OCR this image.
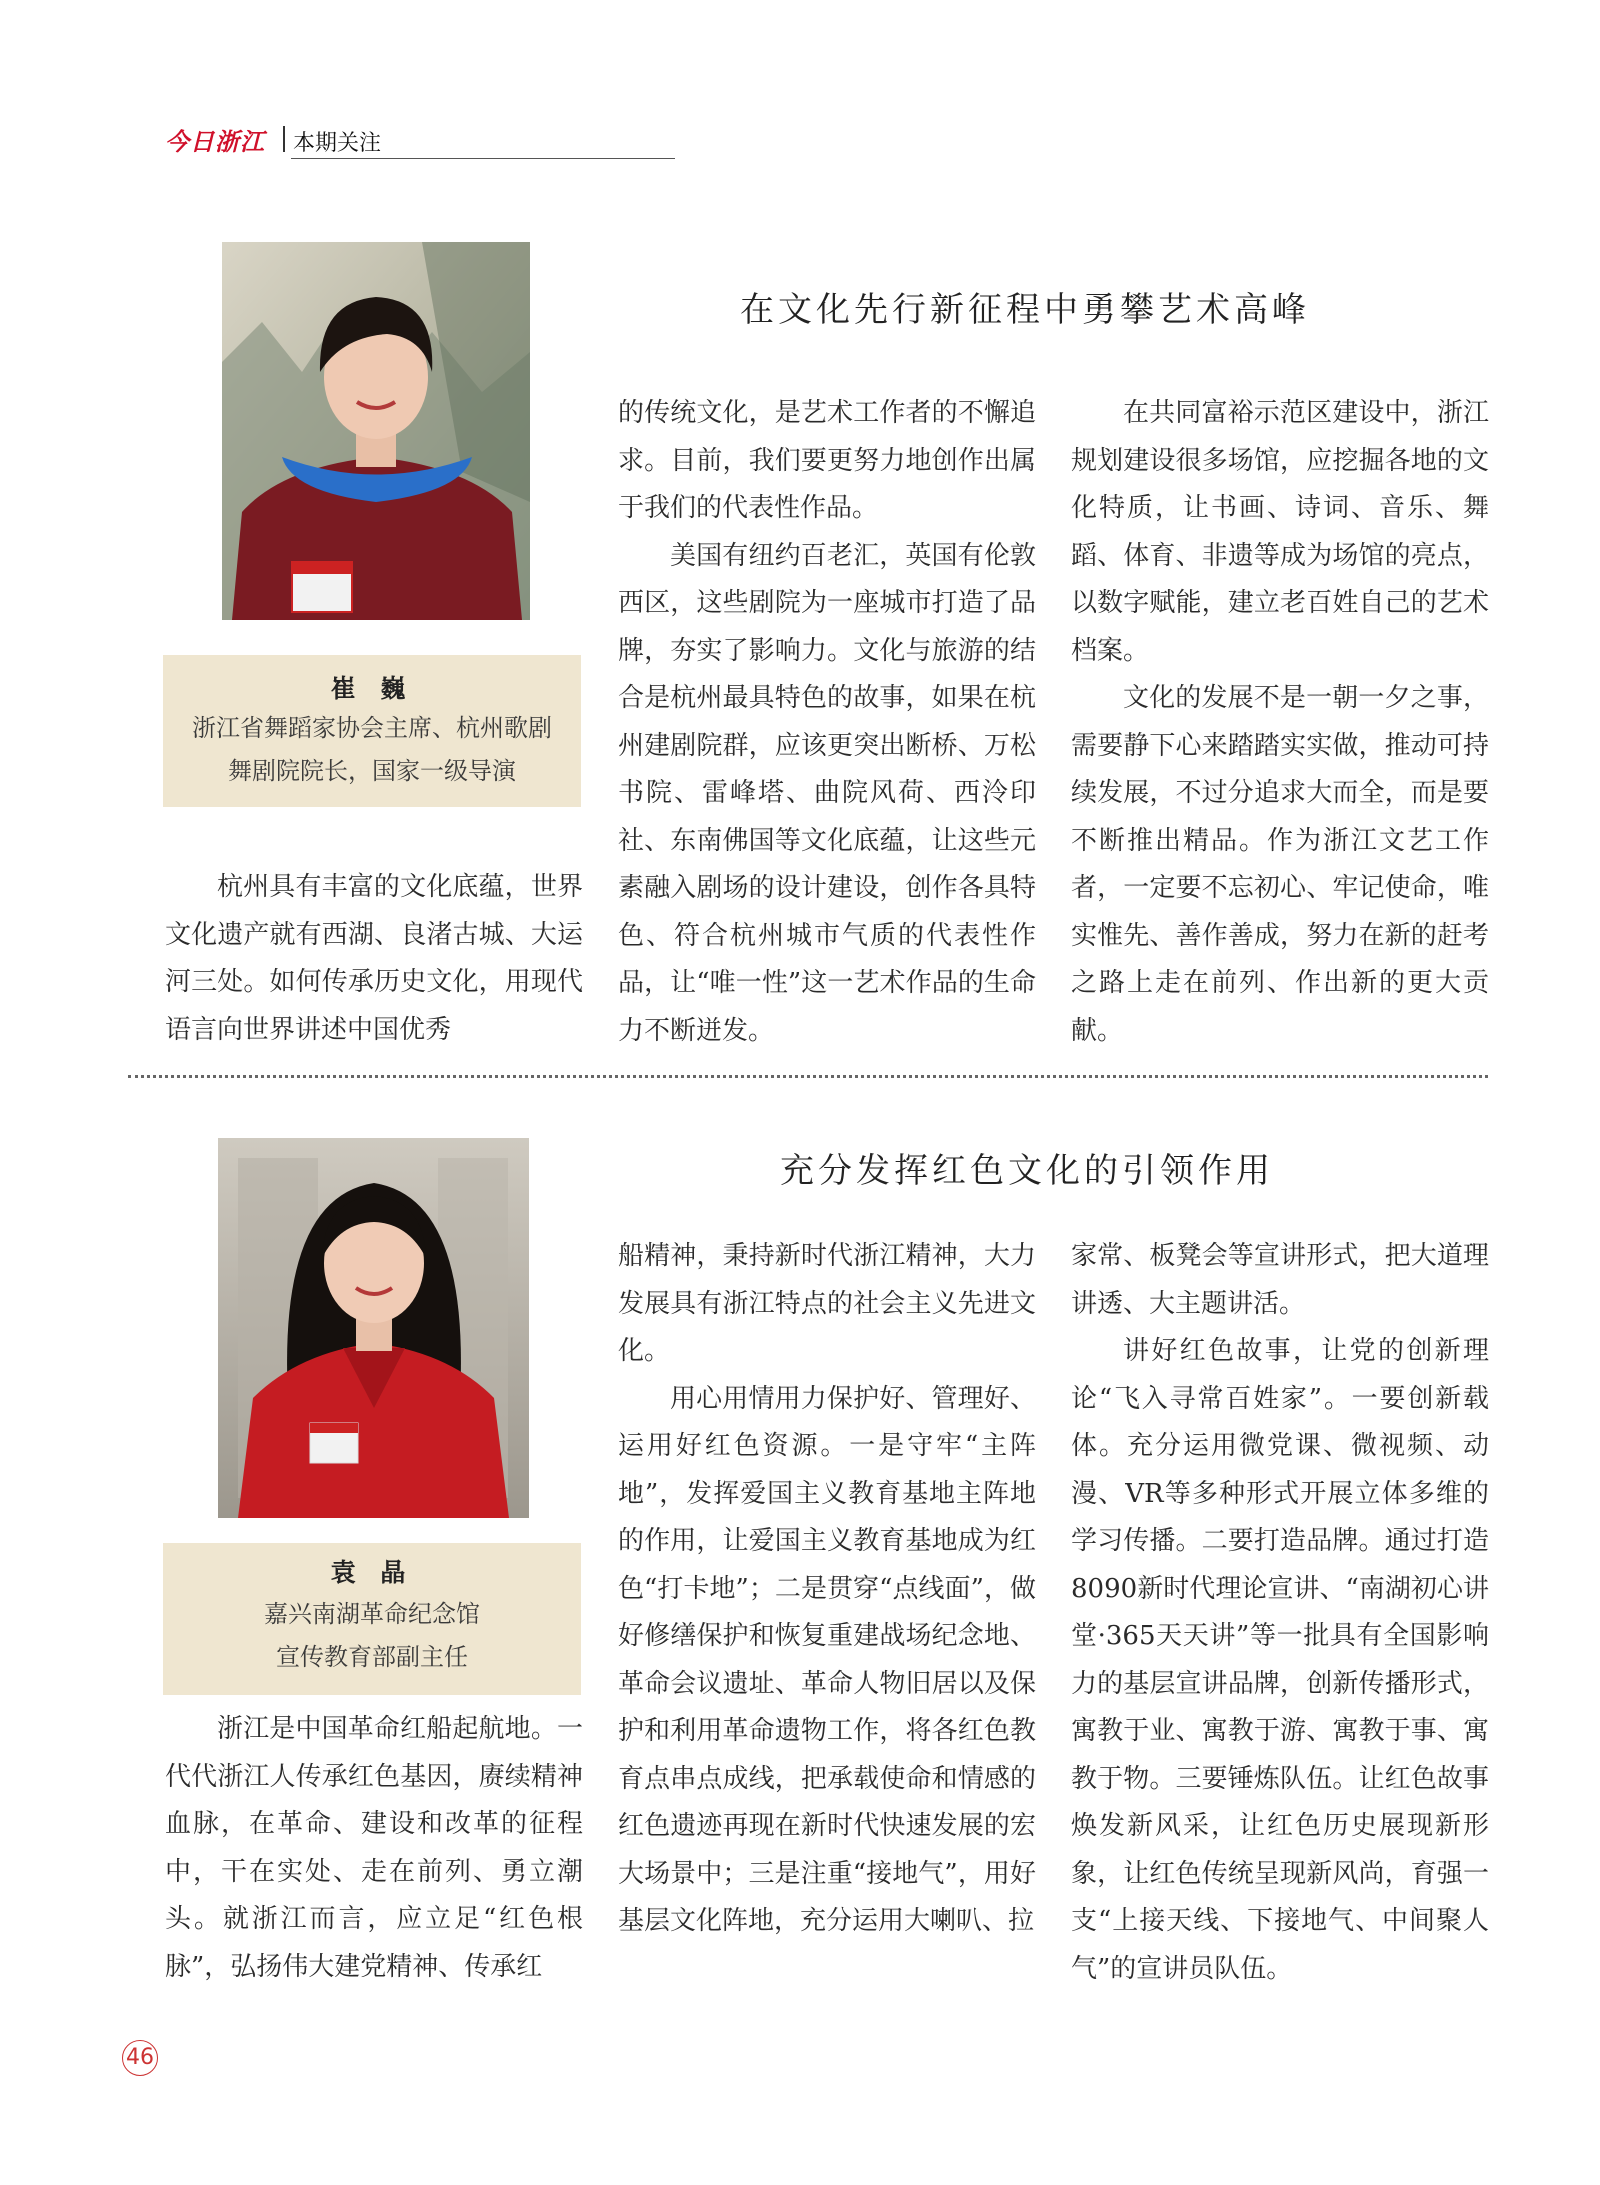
今日浙江 本期关注
崔 巍
浙江省舞蹈家协会主席、杭州歌剧
舞剧院院长，国家一级导演
在文化先行新征程中勇攀艺术高峰

杭州具有丰富的文化底蕴，世界文化遗产就有西湖、良渚古城、大运河三处。如何传承历史文化，用现代语言向世界讲述中国优秀

的传统文化，是艺术工作者的不懈追求。目前，我们要更努力地创作出属于我们的代表性作品。

美国有纽约百老汇，英国有伦敦西区，这些剧院为一座城市打造了品牌，夯实了影响力。文化与旅游的结合是杭州最具特色的故事，如果在杭州建剧院群，应该更突出断桥、万松书院、雷峰塔、曲院风荷、西泠印社、东南佛国等文化底蕴，让这些元素融入剧场的设计建设，创作各具特色、符合杭州城市气质的代表性作品，让“唯一性”这一艺术作品的生命力不断迸发。

在共同富裕示范区建设中，浙江规划建设很多场馆，应挖掘各地的文化特质，让书画、诗词、音乐、舞蹈、体育、非遗等成为场馆的亮点，以数字赋能，建立老百姓自己的艺术档案。

文化的发展不是一朝一夕之事，需要静下心来踏踏实实做，推动可持续发展，不过分追求大而全，而是要不断推出精品。作为浙江文艺工作者，一定要不忘初心、牢记使命，唯实惟先、善作善成，努力在新的赶考之路上走在前列、作出新的更大贡献。

袁 晶
嘉兴南湖革命纪念馆
宣传教育部副主任
充分发挥红色文化的引领作用

浙江是中国革命红船起航地。一代代浙江人传承红色基因，赓续精神血脉，在革命、建设和改革的征程中，干在实处、走在前列、勇立潮头。就浙江而言，应立足“红色根脉”，弘扬伟大建党精神、传承红

船精神，秉持新时代浙江精神，大力发展具有浙江特点的社会主义先进文化。

用心用情用力保护好、管理好、运用好红色资源。一是守牢“主阵地”，发挥爱国主义教育基地主阵地的作用，让爱国主义教育基地成为红色“打卡地”；二是贯穿“点线面”，做好修缮保护和恢复重建战场纪念地、革命会议遗址、革命人物旧居以及保护和利用革命遗物工作，将各红色教育点串点成线，把承载使命和情感的红色遗迹再现在新时代快速发展的宏大场景中；三是注重“接地气”，用好基层文化阵地，充分运用大喇叭、拉

家常、板凳会等宣讲形式，把大道理讲透、大主题讲活。

讲好红色故事，让党的创新理论“飞入寻常百姓家”。一要创新载体。充分运用微党课、微视频、动漫、VR等多种形式开展立体多维的学习传播。二要打造品牌。通过打造8090新时代理论宣讲、“南湖初心讲堂·365天天讲”等一批具有全国影响力的基层宣讲品牌，创新传播形式，寓教于业、寓教于游、寓教于事、寓教于物。三要锤炼队伍。让红色故事焕发新风采，让红色历史展现新形象，让红色传统呈现新风尚，育强一支“上接天线、下接地气、中间聚人气”的宣讲员队伍。

46
